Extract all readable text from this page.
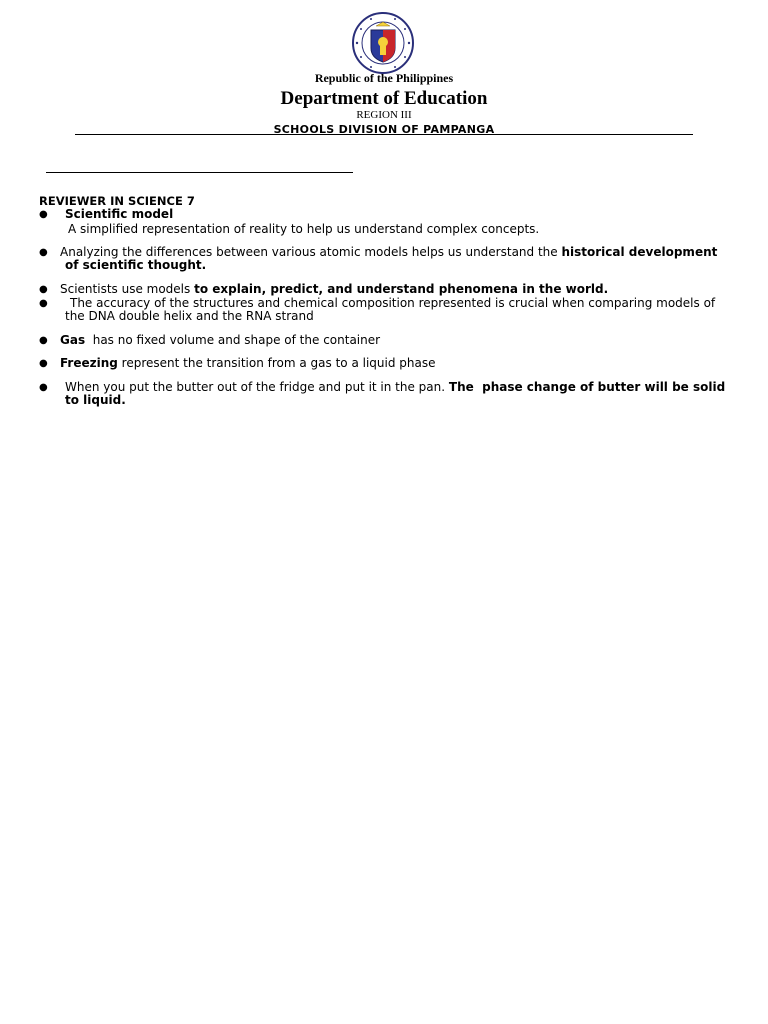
Republic of the Philippines
Department of Education
REGION III
SCHOOLS DIVISION OF PAMPANGA
REVIEWER IN SCIENCE 7
● Scientific model
A simplified representation of reality to help us understand complex concepts.
● Analyzing the differences between various atomic models helps us understand the historical development of scientific thought.
● Scientists use models to explain, predict, and understand phenomena in the world.
●	The accuracy of the structures and chemical composition represented is crucial when comparing models of the DNA double helix and the RNA strand
● Gas  has no fixed volume and shape of the container
● Freezing represent the transition from a gas to a liquid phase
● When you put the butter out of the fridge and put it in the pan. The  phase change of butter will be solid to liquid.
